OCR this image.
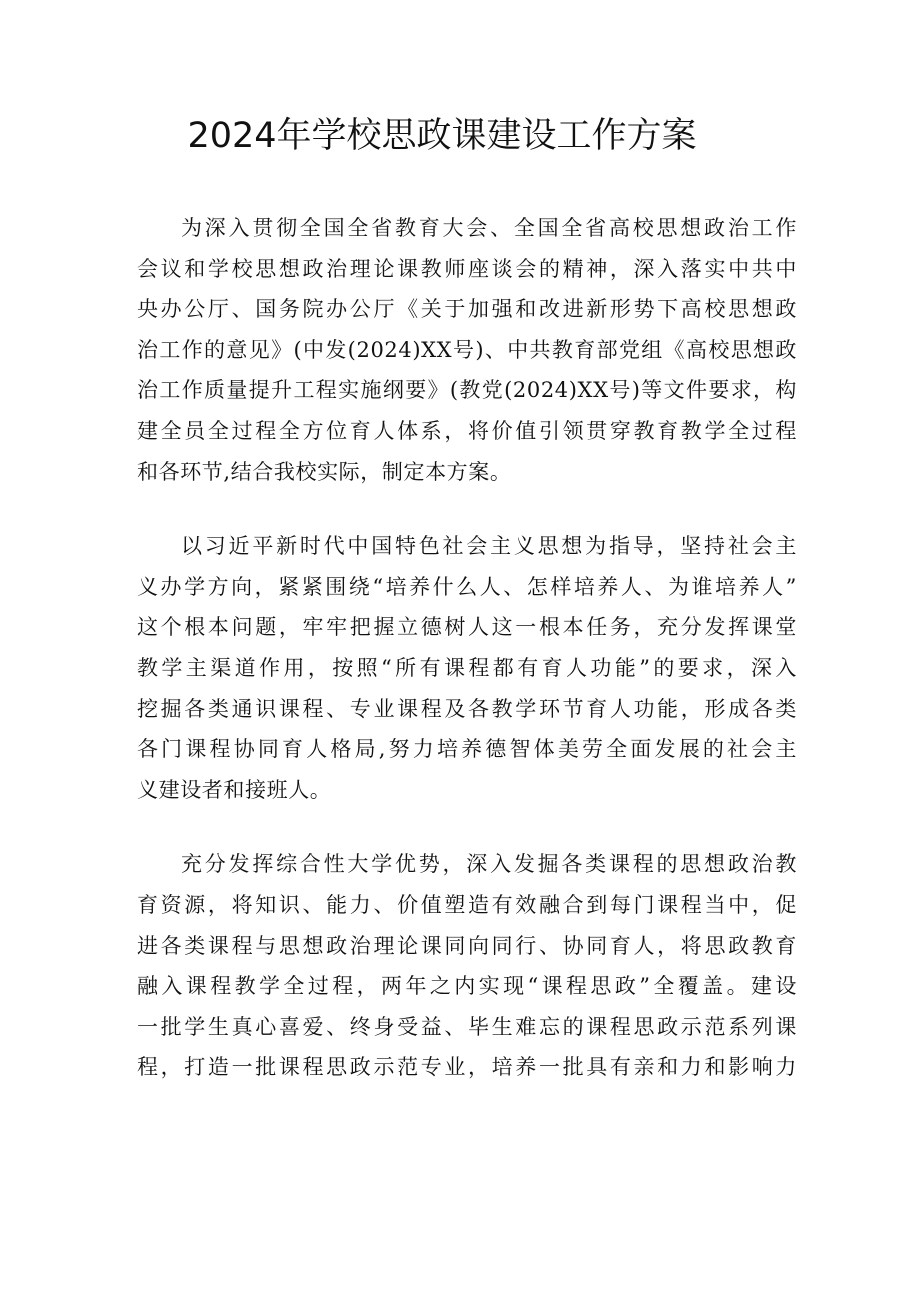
2024年学校思政课建设工作方案
为深入贯彻全国全省教育大会、全国全省高校思想政治工作
会议和学校思想政治理论课教师座谈会的精神，深入落实中共中
央办公厅、国务院办公厅《关于加强和改进新形势下高校思想政
治工作的意见》(中发(2024)XX号)、中共教育部党组《高校思想政
治工作质量提升工程实施纲要》(教党(2024)XX号)等文件要求，构
建全员全过程全方位育人体系，将价值引领贯穿教育教学全过程
和各环节,结合我校实际，制定本方案。
以习近平新时代中国特色社会主义思想为指导，坚持社会主
义办学方向，紧紧围绕“培养什么人、怎样培养人、为谁培养人”
这个根本问题，牢牢把握立德树人这一根本任务，充分发挥课堂
教学主渠道作用，按照“所有课程都有育人功能”的要求，深入
挖掘各类通识课程、专业课程及各教学环节育人功能，形成各类
各门课程协同育人格局,努力培养德智体美劳全面发展的社会主
义建设者和接班人。
充分发挥综合性大学优势，深入发掘各类课程的思想政治教
育资源，将知识、能力、价值塑造有效融合到每门课程当中，促
进各类课程与思想政治理论课同向同行、协同育人，将思政教育
融入课程教学全过程，两年之内实现“课程思政”全覆盖。建设
一批学生真心喜爱、终身受益、毕生难忘的课程思政示范系列课
程，打造一批课程思政示范专业，培养一批具有亲和力和影响力
